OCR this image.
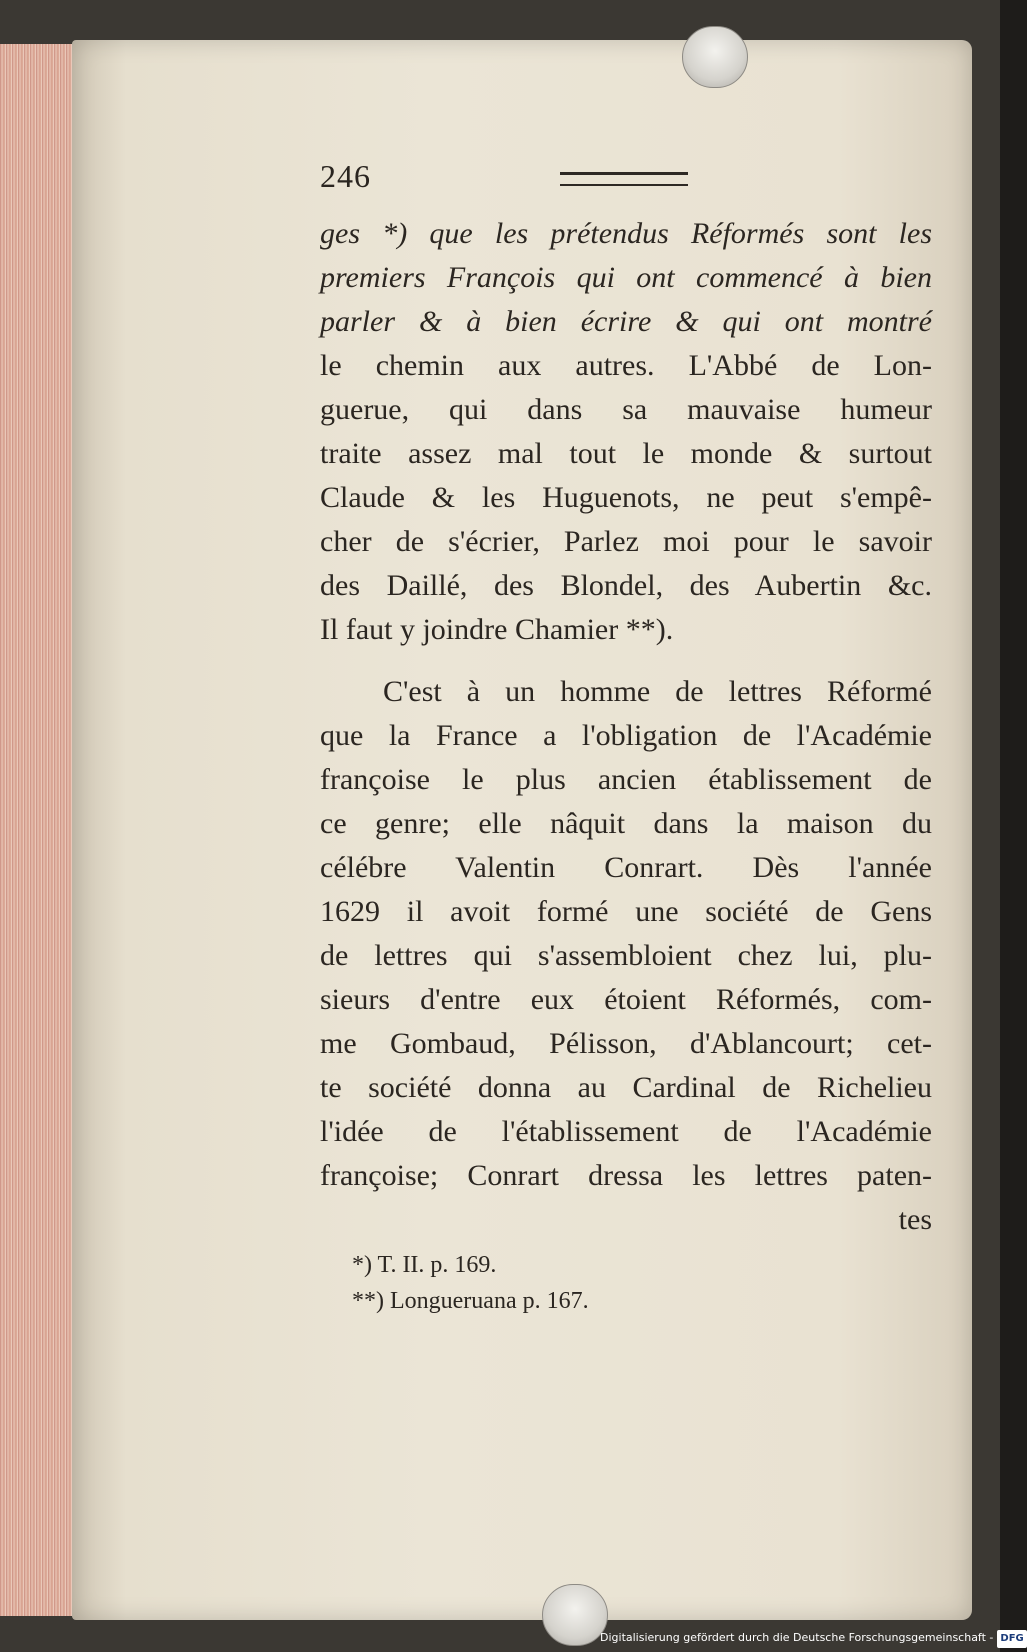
246
ges *) que les prétendus Réformés sont les
premiers François qui ont commencé à bien
parler & à bien écrire & qui ont montré
le chemin aux autres. L'Abbé de Lon-
guerue, qui dans sa mauvaise humeur
traite assez mal tout le monde & surtout
Claude & les Huguenots, ne peut s'empê-
cher de s'écrier, Parlez moi pour le savoir
des Daillé, des Blondel, des Aubertin &c.
Il faut y joindre Chamier **).
C'est à un homme de lettres Réformé
que la France a l'obligation de l'Académie
françoise le plus ancien établissement de
ce genre; elle nâquit dans la maison du
célébre Valentin Conrart. Dès l'année
1629 il avoit formé une société de Gens
de lettres qui s'assembloient chez lui, plu-
sieurs d'entre eux étoient Réformés, com-
me Gombaud, Pélisson, d'Ablancourt; cet-
te société donna au Cardinal de Richelieu
l'idée de l'établissement de l'Académie
françoise; Conrart dressa les lettres paten-
tes
*) T. II. p. 169.
**) Longueruana p. 167.
Digitalisierung gefördert durch die Deutsche Forschungsgemeinschaft - DFG
